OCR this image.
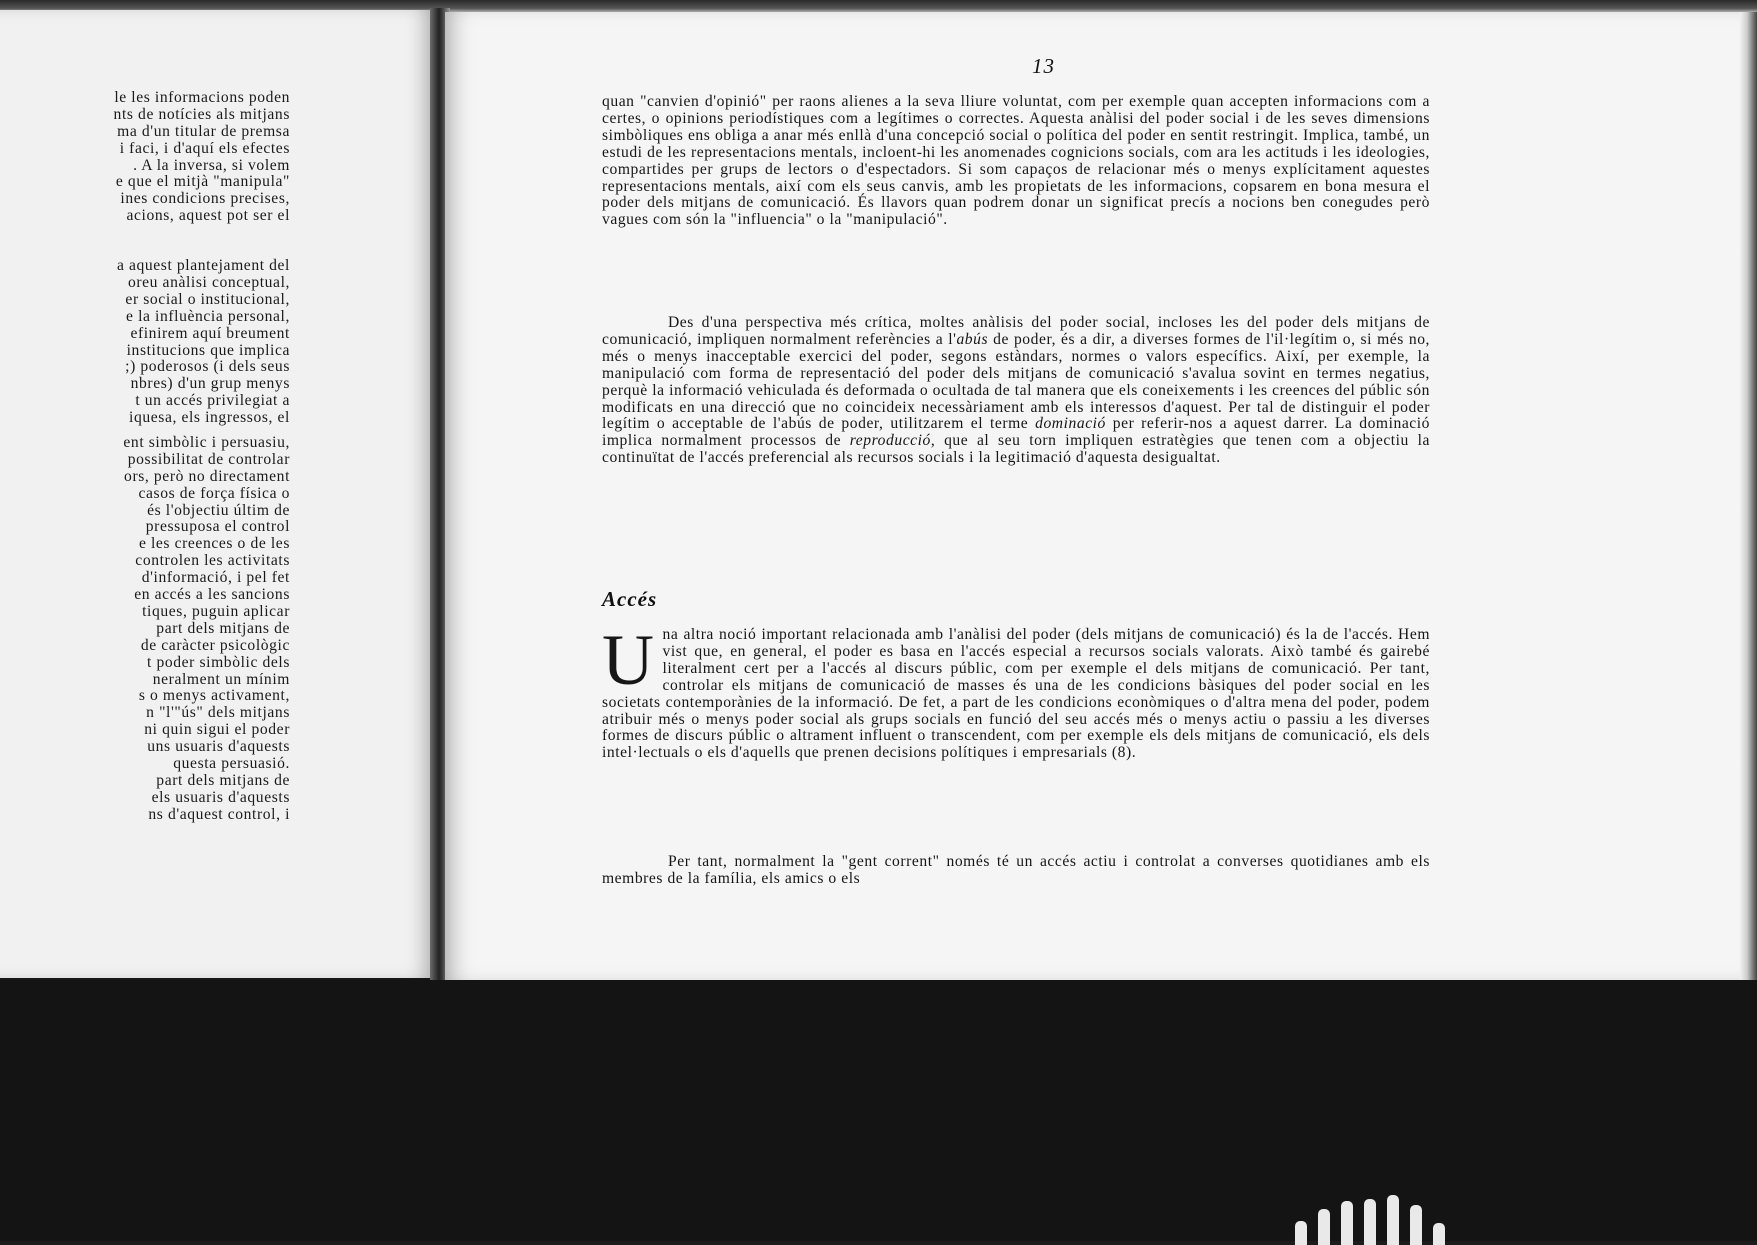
le les informacions poden
nts de notícies als mitjans
ma d'un titular de premsa
i faci, i d'aquí els efectes
. A la inversa, si volem
e que el mitjà "manipula"
ines condicions precises,
acions, aquest pot ser el
a aquest plantejament del
oreu anàlisi conceptual,
er social o institucional,
e la influència personal,
efinirem aquí breument
institucions que implica
;) poderosos (i dels seus
nbres) d'un grup menys
t un accés privilegiat a
iquesa, els ingressos, el
ent simbòlic i persuasiu,
possibilitat de controlar
ors, però no directament
casos de força física o
és l'objectiu últim de
pressuposa el control
e les creences o de les
controlen les activitats
d'informació, i pel fet
en accés a les sancions
tiques, puguin aplicar
part dels mitjans de
de caràcter psicològic
t poder simbòlic dels
neralment un mínim
s o menys activament,
n "l'"ús" dels mitjans
ni quin sigui el poder
uns usuaris d'aquests
questa persuasió.
part dels mitjans de
els usuaris d'aquests
ns d'aquest control, i
13

quan "canvien d'opinió" per raons alienes a la seva lliure voluntat, com per exemple quan accepten informacions com a certes, o opinions periodístiques com a legítimes o correctes. Aquesta anàlisi del poder social i de les seves dimensions simbòliques ens obliga a anar més enllà d'una concepció social o política del poder en sentit restringit. Implica, també, un estudi de les representacions mentals, incloent-hi les anomenades cognicions socials, com ara les actituds i les ideologies, compartides per grups de lectors o d'espectadors. Si som capaços de relacionar més o menys explícitament aquestes representacions mentals, així com els seus canvis, amb les propietats de les informacions, copsarem en bona mesura el poder dels mitjans de comunicació. És llavors quan podrem donar un significat precís a nocions ben conegudes però vagues com són la "influencia" o la "manipulació".

Des d'una perspectiva més crítica, moltes anàlisis del poder social, incloses les del poder dels mitjans de comunicació, impliquen normalment referències a l'abús de poder, és a dir, a diverses formes de l'il·legítim o, si més no, més o menys inacceptable exercici del poder, segons estàndars, normes o valors específics. Així, per exemple, la manipulació com forma de representació del poder dels mitjans de comunicació s'avalua sovint en termes negatius, perquè la informació vehiculada és deformada o ocultada de tal manera que els coneixements i les creences del públic són modificats en una direcció que no coincideix necessàriament amb els interessos d'aquest. Per tal de distinguir el poder legítim o acceptable de l'abús de poder, utilitzarem el terme dominació per referir-nos a aquest darrer. La dominació implica normalment processos de reproducció, que al seu torn impliquen estratègies que tenen com a objectiu la continuïtat de l'accés preferencial als recursos socials i la legitimació d'aquesta desigualtat.

Accés
U na altra noció important relacionada amb l'anàlisi del poder (dels mitjans de comunicació) és la de l'accés. Hem vist que, en general, el poder es basa en l'accés especial a recursos socials valorats. Això també és gairebé literalment cert per a l'accés al discurs públic, com per exemple el dels mitjans de comunicació. Per tant, controlar els mitjans de comunicació de masses és una de les condicions bàsiques del poder social en les societats contemporànies de la informació. De fet, a part de les condicions econòmiques o d'altra mena del poder, podem atribuir més o menys poder social als grups socials en funció del seu accés més o menys actiu o passiu a les diverses formes de discurs públic o altrament influent o transcendent, com per exemple els dels mitjans de comunicació, els dels intel·lectuals o els d'aquells que prenen decisions polítiques i empresarials (8).

Per tant, normalment la "gent corrent" només té un accés actiu i controlat a converses quotidianes amb els membres de la família, els amics o els
